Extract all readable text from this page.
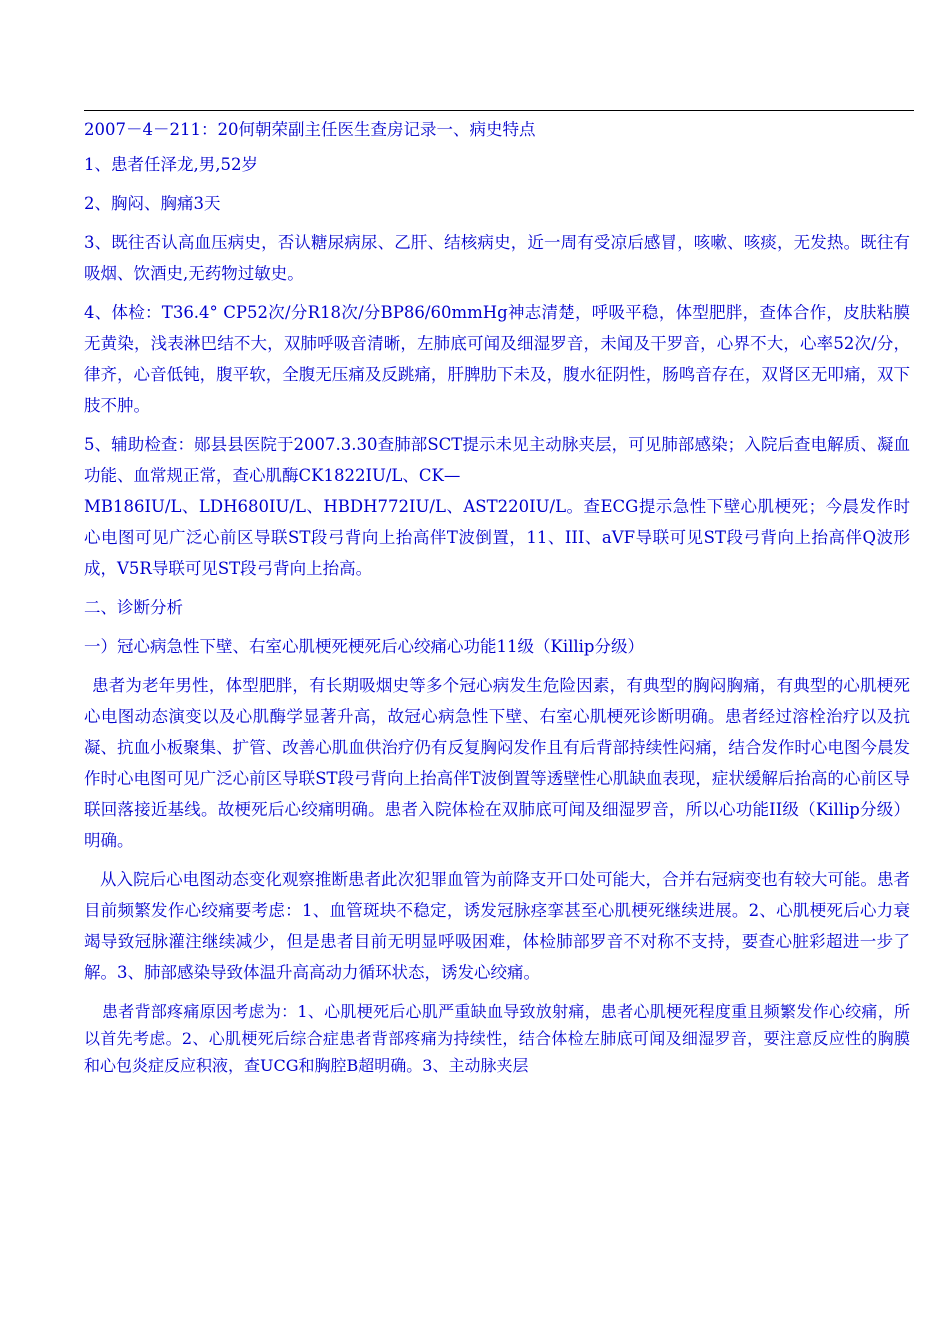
2007－4－211：20何朝荣副主任医生查房记录一、病史特点
1、患者任泽龙,男,52岁
2、胸闷、胸痛3天
3、既往否认高血压病史，否认糖尿病尿、乙肝、结核病史，近一周有受凉后感冒，咳嗽、咳痰，无发热。既往有吸烟、饮酒史,无药物过敏史。
4、体检：T36.4° CP52次/分R18次/分BP86/60mmHg神志清楚，呼吸平稳，体型肥胖，查体合作，皮肤粘膜无黄染，浅表淋巴结不大，双肺呼吸音清晰，左肺底可闻及细湿罗音，未闻及干罗音，心界不大，心率52次/分，律齐，心音低钝，腹平软，全腹无压痛及反跳痛，肝脾肋下未及，腹水征阴性，肠鸣音存在，双肾区无叩痛，双下肢不肿。
5、辅助检查：郧县县医院于2007.3.30查肺部SCT提示未见主动脉夹层，可见肺部感染；入院后查电解质、凝血功能、血常规正常，查心肌酶CK1822IU/L、CK—
MB186IU/L、LDH680IU/L、HBDH772IU/L、AST220IU/L。查ECG提示急性下壁心肌梗死；今晨发作时心电图可见广泛心前区导联ST段弓背向上抬高伴T波倒置，11、III、aVF导联可见ST段弓背向上抬高伴Q波形成，V5R导联可见ST段弓背向上抬高。
二、诊断分析
一）冠心病急性下壁、右室心肌梗死梗死后心绞痛心功能11级（Killip分级）
患者为老年男性，体型肥胖，有长期吸烟史等多个冠心病发生危险因素，有典型的胸闷胸痛，有典型的心肌梗死心电图动态演变以及心肌酶学显著升高，故冠心病急性下壁、右室心肌梗死诊断明确。患者经过溶栓治疗以及抗凝、抗血小板聚集、扩管、改善心肌血供治疗仍有反复胸闷发作且有后背部持续性闷痛，结合发作时心电图今晨发作时心电图可见广泛心前区导联ST段弓背向上抬高伴T波倒置等透壁性心肌缺血表现，症状缓解后抬高的心前区导联回落接近基线。故梗死后心绞痛明确。患者入院体检在双肺底可闻及细湿罗音，所以心功能II级（Killip分级）明确。
从入院后心电图动态变化观察推断患者此次犯罪血管为前降支开口处可能大，合并右冠病变也有较大可能。患者目前频繁发作心绞痛要考虑：1、血管斑块不稳定，诱发冠脉痉挛甚至心肌梗死继续进展。2、心肌梗死后心力衰竭导致冠脉灌注继续减少，但是患者目前无明显呼吸困难，体检肺部罗音不对称不支持，要查心脏彩超进一步了解。3、肺部感染导致体温升高高动力循环状态，诱发心绞痛。
患者背部疼痛原因考虑为：1、心肌梗死后心肌严重缺血导致放射痛，患者心肌梗死程度重且频繁发作心绞痛，所以首先考虑。2、心肌梗死后综合症患者背部疼痛为持续性，结合体检左肺底可闻及细湿罗音，要注意反应性的胸膜和心包炎症反应积液，查UCG和胸腔B超明确。3、主动脉夹层
